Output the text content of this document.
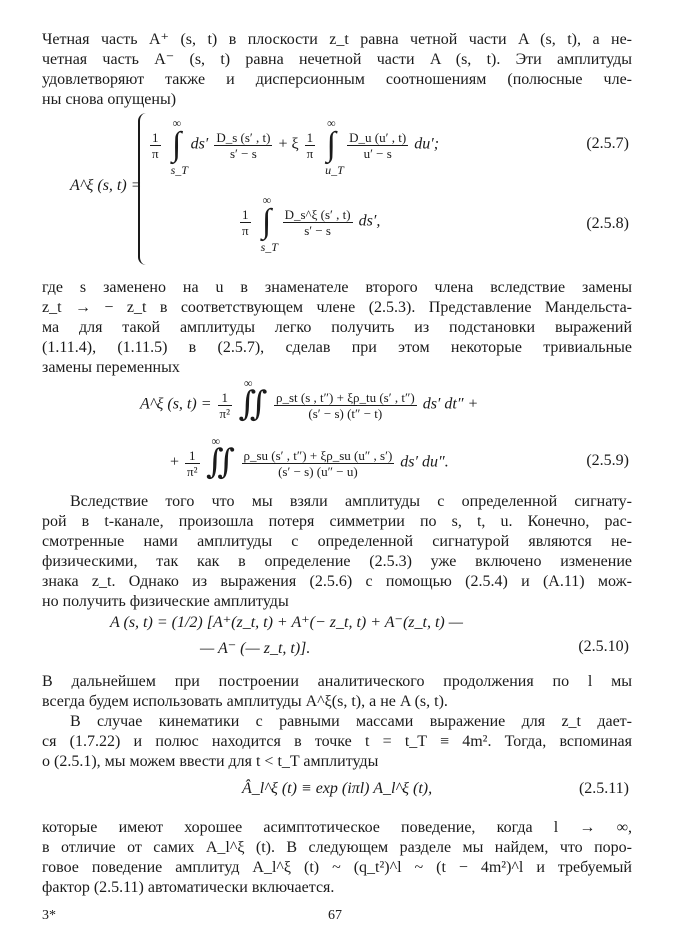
Четная часть A⁺ (s, t) в плоскости z_t равна четной части A (s, t), а не-
четная часть A⁻ (s, t) равна нечетной части A (s, t). Эти амплитуды
удовлетворяют также и дисперсионным соотношениям (полюсные чле-
ны снова опущены)
A^ξ (s, t) =
$\frac{1}{\pi}$ ∫
∞
s_T
$ds' \frac{D\_s (s' , t)}{s' - s} + \xi \frac{1}{\pi}$ ∫
∞
u_T

$\frac{D\_u (u' , t)}{u' - s} du'$;	(2.5.7)
$\frac{1}{\pi}$ ∫
∞
s_T

$\frac{D\_s\^{}\xi (s' , t)}{s' - s} ds'$,	(2.5.8)
где s заменено на u в знаменателе второго члена вследствие замены
z_t → − z_t в соответствующем члене (2.5.3). Представление Мандельста-
ма для такой амплитуды легко получить из подстановки выражений
(1.11.4), (1.11.5) в (2.5.7), сделав при этом некоторые тривиальные
замены переменных
A^ξ (s, $t) = \frac{1}{\text{π²}}$ ∬
∞

$\frac{\rho\_st (s , t'') + \xi\rho\_tu (s' , t'')}{(s' - s) (t'' - t)} ds'$ dt″ +
+ $\frac{1}{\text{π²}}$ ∬
∞

$\frac{\rho\_su (s' , t'') + \xi\rho\_su (u'' , s')}{(s' - s) (u'' - u)} ds'$ du″.	(2.5.9)
Вследствие того что мы взяли амплитуды с определенной сигнату-
рой в t-канале, произошла потеря симметрии по s, t, u. Конечно, рас-
смотренные нами амплитуды с определенной сигнатурой являются не-
физическими, так как в определение (2.5.3) уже включено изменение
знака z_t. Однако из выражения (2.5.6) с помощью (2.5.4) и (A.11) мож-
но получить физические амплитуды
A (s, t) = (1/2) [A⁺(z_t, t) + A⁺(− z_t, t) + A⁻(z_t, t) —
— A⁻ (— z_t, t)].	(2.5.10)
В дальнейшем при построении аналитического продолжения по l мы
всегда будем использовать амплитуды A^ξ(s, t), а не A (s, t).
В случае кинематики с равными массами выражение для z_t дает-
ся (1.7.22) и полюс находится в точке t = t_T ≡ 4m². Тогда, вспоминая
о (2.5.1), мы можем ввести для t < t_T амплитуды
Â_l^ξ (t) ≡ exp (iπl) A_l^ξ (t),	(2.5.11)
которые имеют хорошее асимптотическое поведение, когда l → ∞,
в отличие от самих A_l^ξ (t). В следующем разделе мы найдем, что порo-
говое поведение амплитуд A_l^ξ (t) ~ (q_t²)^l ~ (t − 4m²)^l и требуемый
фактор (2.5.11) автоматически включается.
3*	67
